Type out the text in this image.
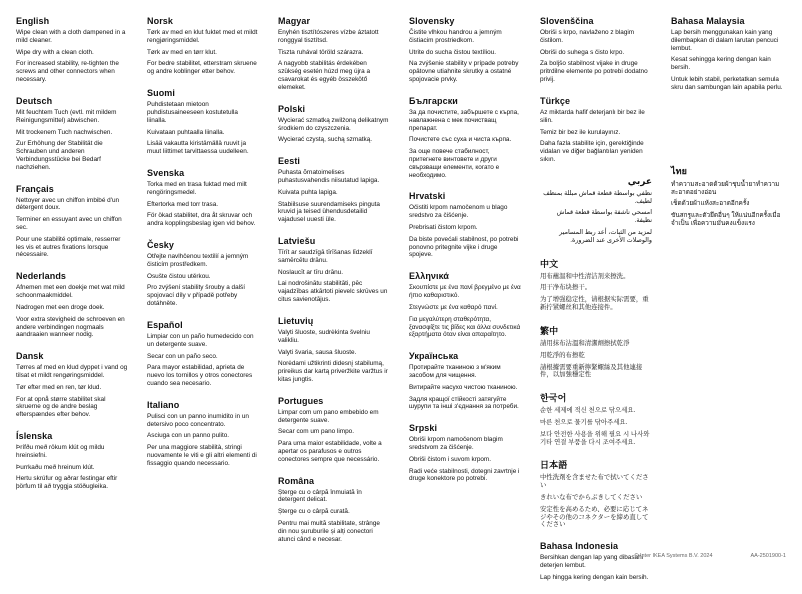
English

Wipe clean with a cloth dampened in a mild cleaner.

Wipe dry with a clean cloth.

For increased stability, re-tighten the screws and other connectors when necessary.

Deutsch

Mit feuchtem Tuch (evtl. mit mildem Reinigungsmittel) abwischen.

Mit trockenem Tuch nachwischen.

Zur Erhöhung der Stabilität die Schrauben und anderen Verbindungsstücke bei Bedarf nachziehen.

Français

Nettoyer avec un chiffon imbibé d'un détergent doux.

Terminer en essuyant avec un chiffon sec.

Pour une stabilité optimale, resserrer les vis et autres fixations lorsque nécessaire.

Nederlands

Afnemen met een doekje met wat mild schoonmaakmiddel.

Nadrogen met een droge doek.

Voor extra stevigheid de schroeven en andere verbindingen nogmaals aandraaien wanneer nodig.

Dansk

Tørres af med en klud dyppet i vand og tilsat et mildt rengøringsmiddel.

Tør efter med en ren, tør klud.

For at opnå større stabilitet skal skruerne og de andre beslag efterspændes efter behov.

Íslenska

Þrífðu með rökum klút og mildu hreinsiefni.

Þurrkaðu með hreinum klút.

Hertu skrúfur og aðrar festingar eftir þörfum til að tryggja stöðugleika.

Norsk

Tørk av med en klut fuktet med et mildt rengjøringsmiddel.

Tørk av med en tørr klut.

For bedre stabilitet, etterstram skruene og andre koblinger etter behov.

Suomi

Puhdistetaan mietoon puhdistusaineeseen kostutetulla liinalla.

Kuivataan puhtaalla liinalla.

Lisää vakautta kiristämällä ruuvit ja muut liittimet tarvittaessa uudelleen.

Svenska

Torka med en trasa fuktad med milt rengöringsmedel.

Eftertorka med torr trasa.

För ökad stabilitet, dra åt skruvar och andra kopplingsbeslag igen vid behov.

Česky

Otřejte navlhčenou textilií a jemným čisticím prostředkem.

Osušte čistou utěrkou.

Pro zvýšení stability šrouby a další spojovací díly v případě potřeby dotáhněte.

Español

Limpiar con un paño humedecido con un detergente suave.

Secar con un paño seco.

Para mayor estabilidad, aprieta de nuevo los tornillos y otros conectores cuando sea necesario.

Italiano

Pulisci con un panno inumidito in un detersivo poco concentrato.

Asciuga con un panno pulito.

Per una maggiore stabilità, stringi nuovamente le viti e gli altri elementi di fissaggio quando necessario.

Magyar

Enyhén tisztítószeres vízbe áztatott ronggyal tisztítsd.

Tiszta ruhával töröld szárazra.

A nagyobb stabilitás érdekében szükség esetén húzd meg újra a csavarokat és egyéb összekötő elemeket.

Polski

Wycierać szmatką zwilżoną delikatnym środkiem do czyszczenia.

Wycierać czystą, suchą szmatką.

Eesti

Puhasta õrnatoimelises puhastusvahendis niisutatud lapiga.

Kuivata puhta lapiga.

Stabiilsuse suurendamiseks pinguta kruvid ja teised ühendusdetailid vajadusel uuesti üle.

Latviešu

Tīrīt ar saudzīgā tīrīšanas līdzeklī samērcētu drānu.

Noslaucīt ar tīru drānu.

Lai nodrošinātu stabilitāti, pēc vajadzības atkārtoti pievelc skrūves un citus savienotājus.

Lietuvių

Valyti šluoste, sudrėkinta švelniu valikliu.

Valyti švaria, sausa šluoste.

Norėdami užtikrinti didesnį stabilumą, prireikus dar kartą priveržkite varžtus ir kitas jungtis.

Portugues

Limpar com um pano embebido em detergente suave.

Secar com um pano limpo.

Para uma maior estabilidade, volte a apertar os parafusos e outros conectores sempre que necessário.

Româna

Șterge cu o cârpă înmuiată în detergent delicat.

Șterge cu o cârpă curată.

Pentru mai multă stabilitate, strânge din nou șuruburile și alți conectori atunci când e necesar.

Slovensky

Čistite vlhkou handrou a jemným čistiacim prostriedkom.

Utrite do sucha čistou textíliou.

Na zvýšenie stability v prípade potreby opätovne utiahnite skrutky a ostatné spojovacie prvky.

Български

За да почистите, забършете с кърпа, навлажнена с мек почистващ препарат.

Почистете със суха и чиста кърпа.

За още повече стабилност, притегнете винтовете и други свързващи елементи, когато е необходимо.

Hrvatski

Očistiti krpom namočenom u blago sredstvo za čišćenje.

Prebrisati čistom krpom.

Da biste povećali stabilnost, po potrebi ponovno pritegnite vijke i druge spojeve.

Ελληνικά

Σκουπίστε με ένα πανί βρεγμένο με ένα ήπιο καθαριστικό.

Στεγνώστε με ένα καθαρό πανί.

Για μεγαλύτερη σταθερότητα, ξανασφίξτε τις βίδες και άλλα συνδετικά εξαρτήματα όταν είναι απαραίτητο.

Українська

Протирайте тканиною з м'яким засобом для чищення.

Витирайте насухо чистою тканиною.

Задля кращої стійкості затягуйте шурупи та інші з'єднання за потреби.

Srpski

Obriši krpom namočenom blagim sredstvom za čišćenje.

Obriši čistom i suvom krpom.

Radi veće stabilnosti, dotegni zavrtnje i druge konektore po potrebi.

Slovenščina

Obriši s krpo, navlaženo z blagim čistilom.

Obriši do suhega s čisto krpo.

Za boljšo stabilnost vijake in druge pritrdilne elemente po potrebi dodatno privij.

Türkçe

Az miktarda hafif deterjanlı bir bez ile silin.

Temiz bir bez ile kurulayınız.

Daha fazla stabilite için, gerektiğinde vidaları ve diğer bağlantıları yeniden sıkın.

عربي

نظفي بواسطة قطعة قماش مبللة بمنظف لطيف.

امسحي ناشفة بواسطة قطعة قماش نظيفة.

لمزيد من الثبات، أعد ربط المسامير والوصلات الأخرى عند الضرورة.

中文

用布蘸温和中性清洁剂来擦洗。

用干净布块擦干。

为了增强稳定性，请根据实际需要，重新拧紧螺丝和其他连接件。

繁中

請用抹布沾溫和清潔劑擦拭乾淨

用乾淨的布擦乾

請根據需要重新擰緊螺絲及其他連接件，以加強穩定性

한국어

순한 세제에 적신 천으로 닦으세요.

마른 천으로 물기를 닦아주세요.

보다 안전한 사용을 위해 필요 시 나사와 기타 연결 부품을 다시 조여주세요.

日本語

中性洗剤を含ませた布で拭いてください

きれいな布でからぶきしてください

安定性を高めるため、必要に応じてネジやその他のコネクターを締め直してください

Bahasa Indonesia

Bersihkan dengan lap yang dibasahi deterjen lembut.

Lap hingga kering dengan kain bersih.

Bahasa Malaysia

Lap bersih menggunakan kain yang dilembapkan di dalam larutan pencuci lembut.

Kesat sehingga kering dengan kain bersih.

Untuk lebih stabil, perketatkan semula skru dan sambungan lain apabila perlu.

ไทย

ทำความสะอาดด้วยผ้าชุบน้ำยาทำความสะอาดอย่างอ่อน

เช็ดด้วยผ้าแห้งสะอาดอีกครั้ง

ขันสกรูและตัวยึดอื่นๆ ให้แน่นอีกครั้งเมื่อจำเป็น เพื่อความมั่นคงแข็งแรง

© Inter IKEA Systems B.V. 2024	AA-2501900-1
